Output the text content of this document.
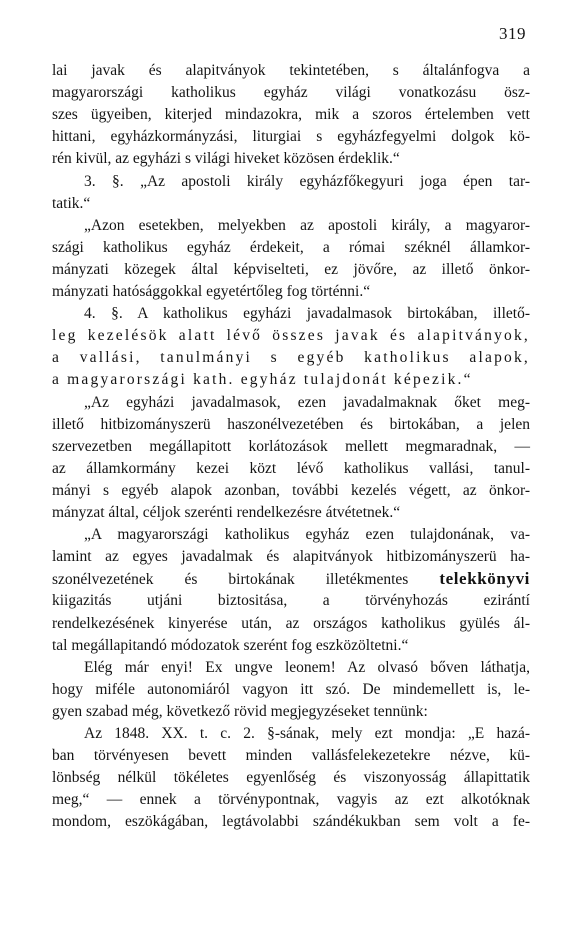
319
lai javak és alapitványok tekintetében, s általánfogva a
magyarországi katholikus egyház világi vonatkozásu ösz-
szes ügyeiben, kiterjed mindazokra, mik a szoros értelemben vett
hittani, egyházkormányzási, liturgiai s egyházfegyelmi dolgok kö-
rén kivül, az egyházi s világi hiveket közösen érdeklik.“
3. §. „Az apostoli király egyházfőkegyuri joga épen tar-
tatik.“
„Azon esetekben, melyekben az apostoli király, a magyaror-
szági katholikus egyház érdekeit, a római széknél államkor-
mányzati közegek által képviselteti, ez jövőre, az illető önkor-
mányzati hatósággokkal egyetértőleg fog történni.“
4. §. A katholikus egyházi javadalmasok birtokában, illető-
leg kezelésök alatt lévő összes javak és alapitványok,
a vallási, tanulmányi s egyéb katholikus alapok,
a magyarországi kath. egyház tulajdonát képezik.“
„Az egyházi javadalmasok, ezen javadalmaknak őket meg-
illető hitbizományszerü haszonélvezetében és birtokában, a jelen
szervezetben megállapitott korlátozások mellett megmaradnak, —
az államkormány kezei közt lévő katholikus vallási, tanul-
mányi s egyéb alapok azonban, további kezelés végett, az önkor-
mányzat által, céljok szerénti rendelkezésre átvétetnek.“
„A magyarországi katholikus egyház ezen tulajdonának, va-
lamint az egyes javadalmak és alapitványok hitbizományszerü ha-
szonélvezetének és birtokának illetékmentes telekkönyvi
kiigazitás utjáni biztositása, a törvényhozás ezirántí
rendelkezésének kinyerése után, az országos katholikus gyülés ál-
tal megállapitandó módozatok szerént fog eszközöltetni.“
Elég már enyi! Ex ungve leonem! Az olvasó bőven láthatja,
hogy miféle autonomiáról vagyon itt szó. De mindemellett is, le-
gyen szabad még, következő rövid megjegyzéseket tennünk:
Az 1848. XX. t. c. 2. §-sának, mely ezt mondja: „E hazá-
ban törvényesen bevett minden vallásfelekezetekre nézve, kü-
lönbség nélkül tökéletes egyenlőség és viszonyosság állapittatik
meg,“ — ennek a törvénypontnak, vagyis az ezt alkotóknak
mondom, eszökágában, legtávolabbi szándékukban sem volt a fe-
